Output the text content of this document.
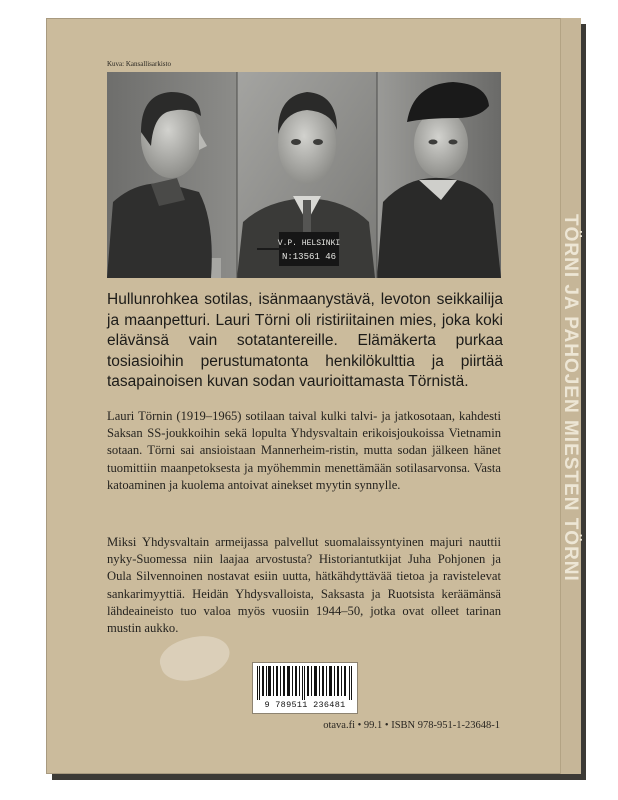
TÖRNI JA PAHOJEN MIESTEN TÖRNI
Kuva: Kansallisarkisto
V.P. HELSINKI
N:13561 46
Hullunrohkea sotilas, isänmaanystävä, levoton seikkailija ja maanpetturi. Lauri Törni oli ristiriitainen mies, joka koki elävänsä vain sotatantereille. Elämäkerta purkaa tosiasioihin perustumatonta henkilökulttia ja piirtää tasapainoisen kuvan sodan vaurioittamasta Törnistä.
Lauri Törnin (1919–1965) sotilaan taival kulki talvi- ja jatkosotaan, kahdesti Saksan SS-joukkoihin sekä lopulta Yhdysvaltain erikoisjoukoissa Vietnamin sotaan. Törni sai ansioistaan Mannerheim-ristin, mutta sodan jälkeen hänet tuomittiin maanpetoksesta ja myöhemmin menettämään sotilasarvonsa. Vasta katoaminen ja kuolema antoivat ainekset myytin synnylle.
Miksi Yhdysvaltain armeijassa palvellut suomalaissyntyinen majuri nauttii nyky-Suomessa niin laajaa arvostusta? Historiantutkijat Juha Pohjonen ja Oula Silvennoinen nostavat esiin uutta, hätkähdyttävää tietoa ja ravistelevat sankarimyyttiä. Heidän Yhdysvalloista, Saksasta ja Ruotsista keräämänsä lähdeaineisto tuo valoa myös vuosiin 1944–50, jotka ovat olleet tarinan mustin aukko.
9 789511 236481
otava.fi • 99.1 • ISBN 978-951-1-23648-1
